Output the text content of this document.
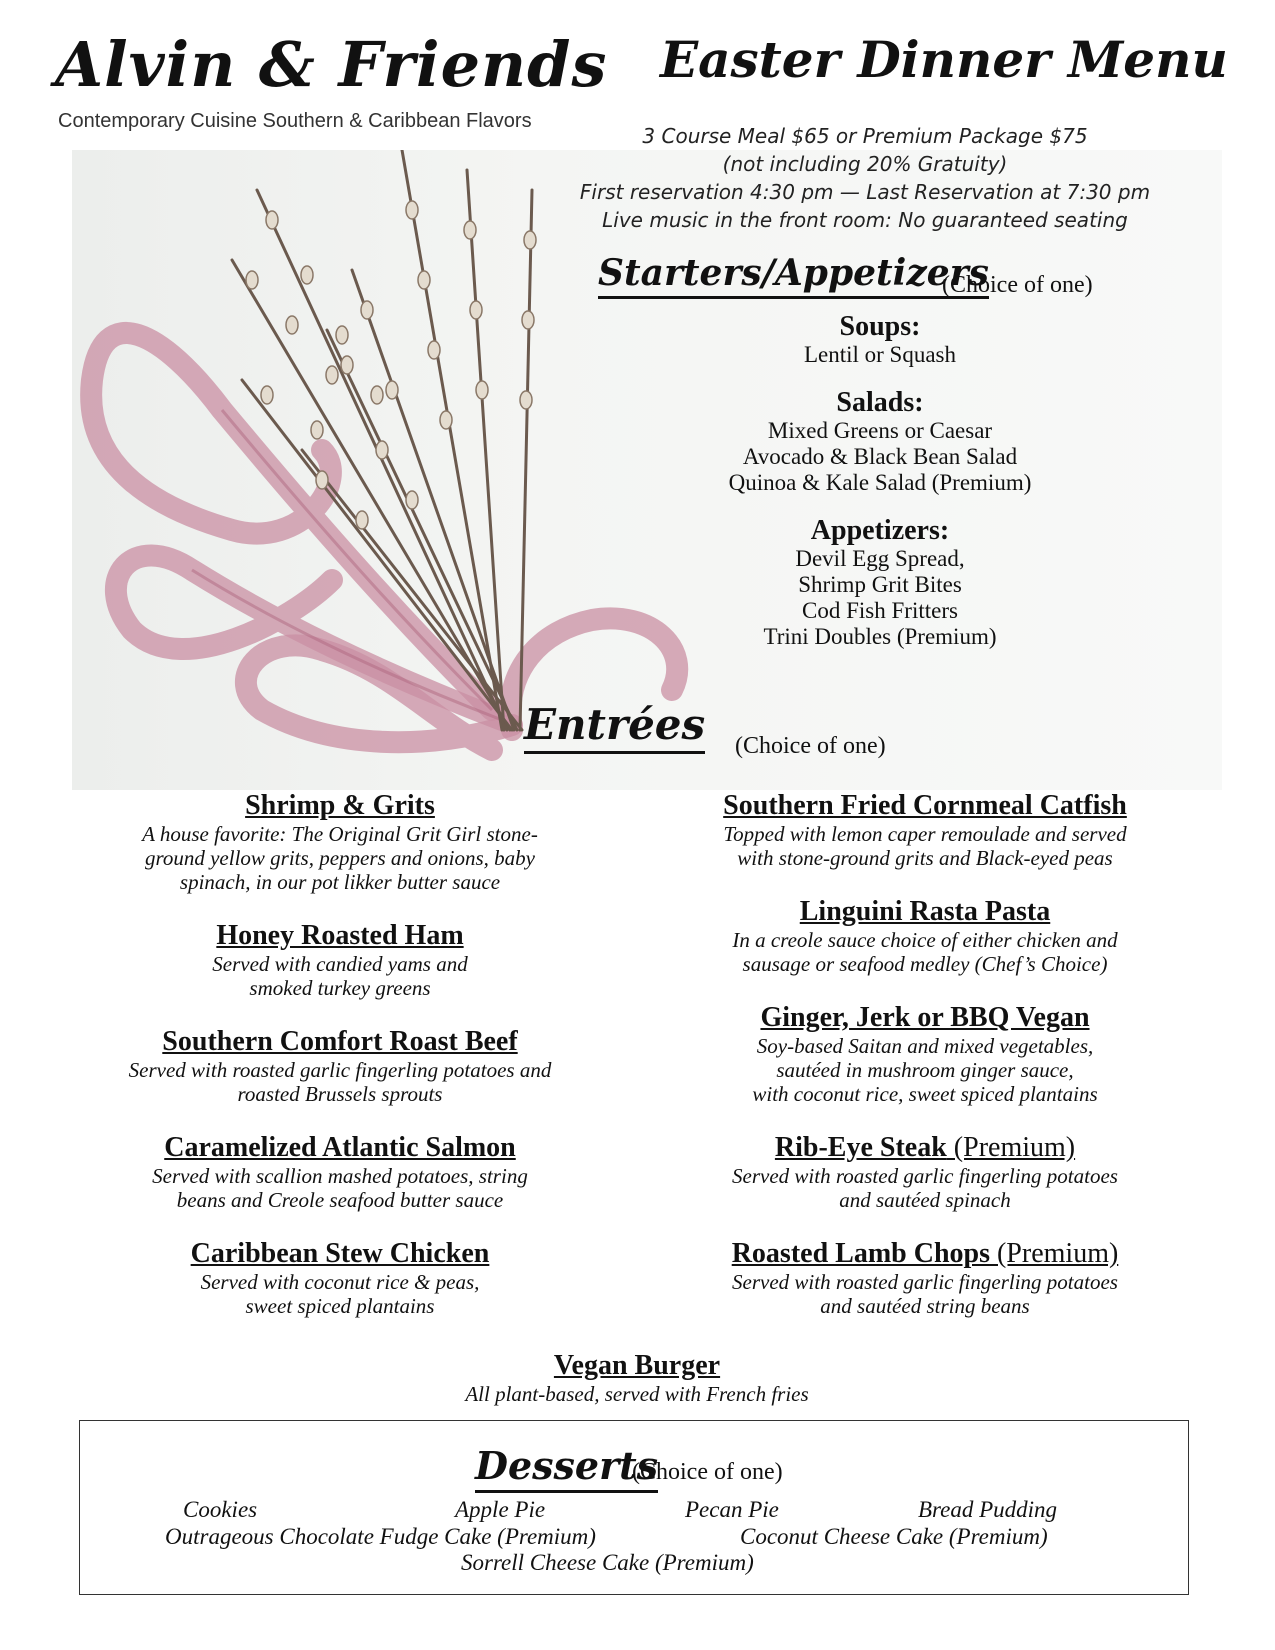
Alvin & Friends
Contemporary Cuisine Southern & Caribbean Flavors
Easter Dinner Menu
3 Course Meal $65 or Premium Package $75
(not including 20% Gratuity)
First reservation 4:30 pm — Last Reservation at 7:30 pm
Live music in the front room: No guaranteed seating
Starters/Appetizers
(Choice of one)
Soups:
Lentil or Squash
Salads:
Mixed Greens or Caesar
Avocado & Black Bean Salad
Quinoa & Kale Salad (Premium)
Appetizers:
Devil Egg Spread,
Shrimp Grit Bites
Cod Fish Fritters
Trini Doubles (Premium)
Entrées (Choice of one)
Shrimp & Grits
A house favorite: The Original Grit Girl stone-
ground yellow grits, peppers and onions, baby
spinach, in our pot likker butter sauce
Honey Roasted Ham
Served with candied yams and
smoked turkey greens
Southern Comfort Roast Beef
Served with roasted garlic fingerling potatoes and
roasted Brussels sprouts
Caramelized Atlantic Salmon
Served with scallion mashed potatoes, string
beans and Creole seafood butter sauce
Caribbean Stew Chicken
Served with coconut rice & peas,
sweet spiced plantains
Southern Fried Cornmeal Catfish
Topped with lemon caper remoulade and served
with stone-ground grits and Black-eyed peas
Linguini Rasta Pasta
In a creole sauce choice of either chicken and
sausage or seafood medley (Chef’s Choice)
Ginger, Jerk or BBQ Vegan
Soy-based Saitan and mixed vegetables,
sautéed in mushroom ginger sauce,
with coconut rice, sweet spiced plantains
Rib-Eye Steak (Premium)
Served with roasted garlic fingerling potatoes
and sautéed spinach
Roasted Lamb Chops (Premium)
Served with roasted garlic fingerling potatoes
and sautéed string beans
Vegan Burger
All plant-based, served with French fries
Desserts
(Choice of one)
Cookies	Apple Pie	Pecan Pie	Bread Pudding
Outrageous Chocolate Fudge Cake (Premium)	Coconut Cheese Cake (Premium)
Sorrell Cheese Cake (Premium)
